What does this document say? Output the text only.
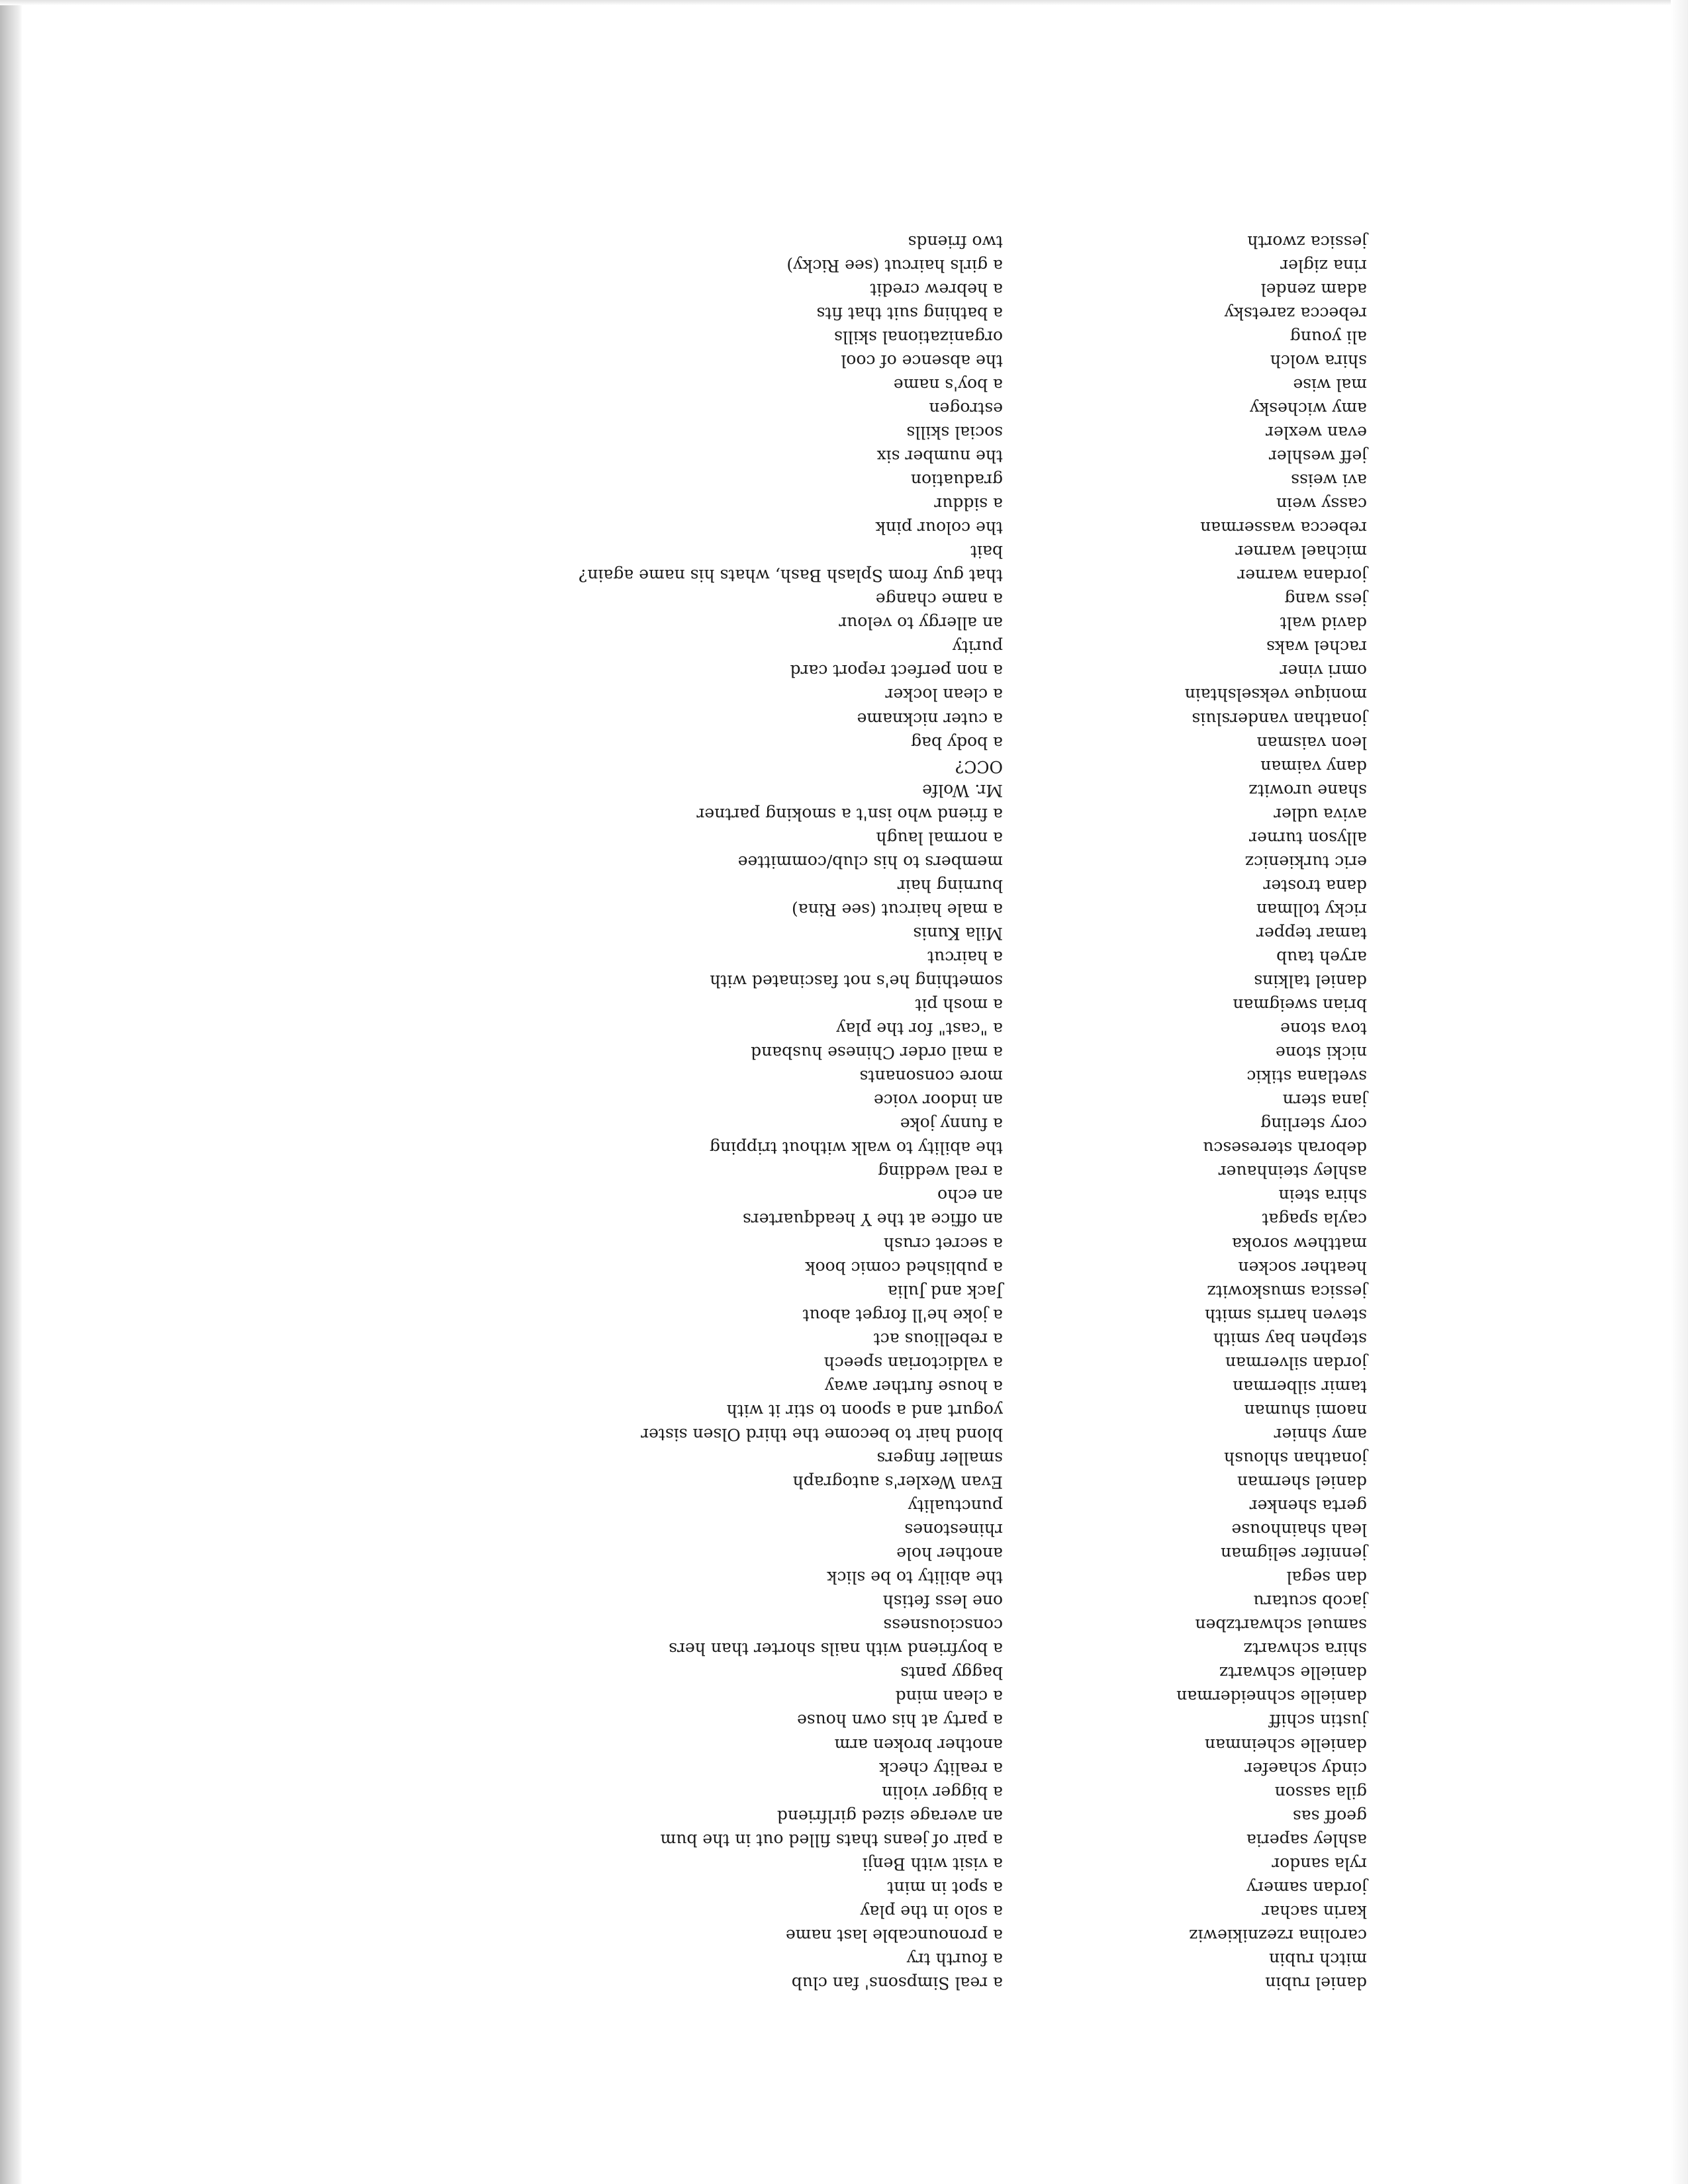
daniel rubin
a real Simpsons' fan club
mitch rubin
a fourth try
carolina rzeznikiewiz
a pronouncable last name
karin sachar
a solo in the play
jordan samery
a spot in mint
ryla sandor
a visit with Benji
ashley saperia
a pair of jeans thats filled out in the bum
geoff sas
an average sized girlfriend
gila sasson
a bigger violin
cindy schaefer
a reality check
danielle scheinman
another broken arm
justin schiff
a party at his own house
danielle schneiderman
a clean mind
danielle schwartz
baggy pants
shira schwartz
a boyfriend with nails shorter than hers
samuel schwartzben
consciousness
jacob scutaru
one less fetish
dan segal
the ability to be slick
jennifer seligman
another hole
leah shainhouse
rhinestones
gerta shenker
punctuality
daniel sherman
Evan Wexler's autograph
jonathan shloush
smaller fingers
amy shnier
blond hair to become the third Olsen sister
naomi shuman
yogurt and a spoon to stir it with
tamir silberman
a house further away
jordan silverman
a valdictorian speech
stephen bay smith
a rebellious act
steven harris smith
a joke he'll forget about
jessica smuskowitz
Jack and Julia
heather socken
a published comic book
matthew soroka
a secret crush
cayla spagat
an office at the Y headquarters
shira stein
an echo
ashley steinhauer
a real wedding
deborah steresescu
the ability to walk without tripping
cory sterling
a funny joke
jana stern
an indoor voice
svetlana stikic
more consonants
nicki stone
a mail order Chinese husband
tova stone
a "cast" for the play
brian sweigman
a mosh pit
daniel talkins
something he's not fascinated with
aryeh taub
a haircut
tamar tepper
Mila Kunis
ricky tollman
a male haircut (see Rina)
dana troster
burning hair
eric turkienicz
members to his club/committee
allyson turner
a normal laugh
aviva udler
a friend who isn't a smoking partner
shane urowitz
Mr. Wolfe
dany vaiman
OCC?
leon vaisman
a body bag
jonathan vandersluis
a cuter nickname
monique vekselshtain
a clean locker
omri viner
a non perfect report card
rachel waks
purity
david walt
an allergy to velour
jess wang
a name change
jordana warner
that guy from Splash Bash, whats his name again?
michael warner
bait
rebecca wasserman
the colour pink
cassy wein
a siddur
avi weiss
graduation
jeff weshler
the number six
evan wexler
social skills
amy wichesky
estrogen
mal wise
a boy's name
shira wolch
the absence of cool
ali young
organizational skills
rebecca zaretsky
a bathing suit that fits
adam zendel
a hebrew credit
rina zigler
a girls haircut (see Ricky)
jessica zworth
two friends
